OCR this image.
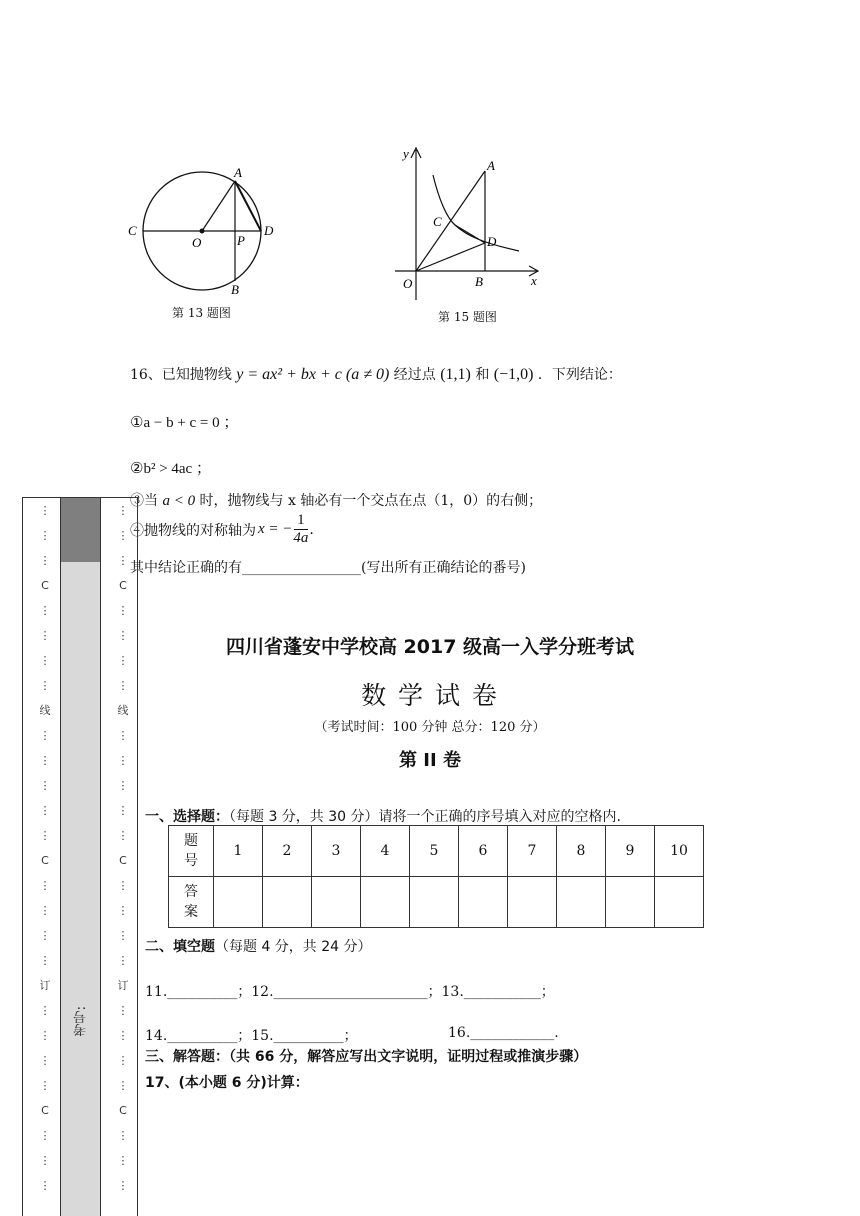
A
C
O	P
D
B
第 13 题图
y
A
C
D
O	B	x
第 15 题图
16、已知抛物线 y = ax² + bx + c (a ≠ 0) 经过点 (1,1) 和 (−1,0) ．下列结论：
①a − b + c = 0 ；
②b² > 4ac ；
③当 a < 0 时，抛物线与 x 轴必有一个交点在点（1，0）的右侧；
④抛物线的对称轴为 x = − $\frac{1}{4a}$ .
其中结论正确的有_________________(写出所有正确结论的番号)
⋮
⋮
⋮
C
⋮
⋮
⋮
⋮
线
⋮
⋮
⋮
⋮
⋮
C
⋮
⋮
⋮
⋮
订
⋮
⋮
⋮
⋮
C
⋮
⋮
⋮
⋮
⋮
⋮
C
⋮
⋮
⋮
⋮
线
⋮
⋮
⋮
⋮
⋮
C
⋮
⋮
⋮
⋮
订
⋮
⋮
⋮
⋮
C
⋮
⋮
⋮
考号:
四川省蓬安中学校高 2017 级高一入学分班考试
数 学 试 卷
（考试时间：100 分钟 总分：120 分）
第 II 卷
一、选择题：（每题 3 分，共 30 分）请将一个正确的序号填入对应的空格内.
题
号	1	2	3	4	5	6	7	8	9	10

答
案										

二、填空题（每题 4 分，共 24 分）
11.__________；12.______________________；13.___________；
14.__________；15.__________；	16.____________.
三、解答题：（共 66 分，解答应写出文字说明，证明过程或推演步骤）
17、(本小题 6 分)计算：
